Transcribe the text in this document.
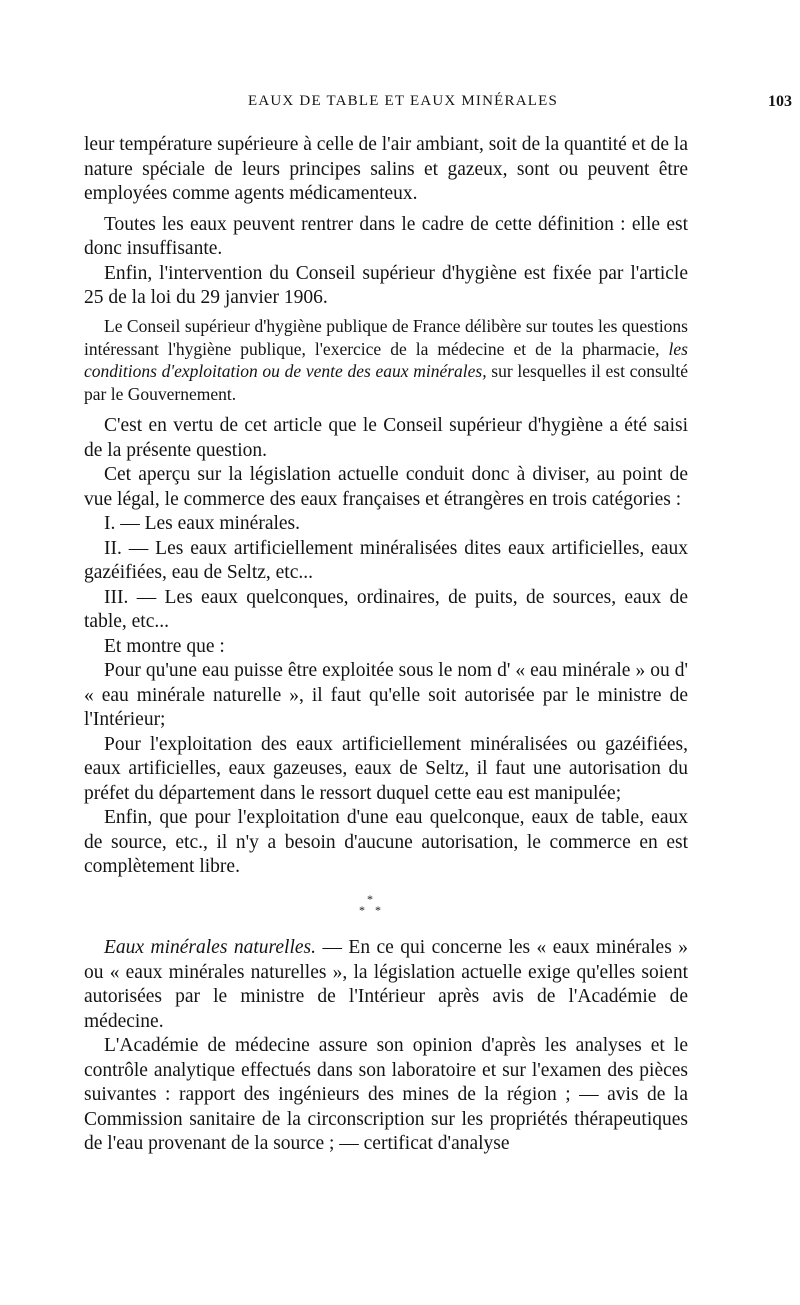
EAUX DE TABLE ET EAUX MINÉRALES	103

leur température supérieure à celle de l'air ambiant, soit de la quantité et de la nature spéciale de leurs principes salins et gazeux, sont ou peuvent être employées comme agents médicamenteux.

Toutes les eaux peuvent rentrer dans le cadre de cette définition : elle est donc insuffisante.

Enfin, l'intervention du Conseil supérieur d'hygiène est fixée par l'article 25 de la loi du 29 janvier 1906.

Le Conseil supérieur d'hygiène publique de France délibère sur toutes les questions intéressant l'hygiène publique, l'exercice de la médecine et de la pharmacie, les conditions d'exploitation ou de vente des eaux minérales, sur lesquelles il est consulté par le Gouvernement.

C'est en vertu de cet article que le Conseil supérieur d'hygiène a été saisi de la présente question.

Cet aperçu sur la législation actuelle conduit donc à diviser, au point de vue légal, le commerce des eaux françaises et étrangères en trois catégories :

I. — Les eaux minérales.

II. — Les eaux artificiellement minéralisées dites eaux artificielles, eaux gazéifiées, eau de Seltz, etc...

III. — Les eaux quelconques, ordinaires, de puits, de sources, eaux de table, etc...

Et montre que :

Pour qu'une eau puisse être exploitée sous le nom d' « eau minérale » ou d' « eau minérale naturelle », il faut qu'elle soit autorisée par le ministre de l'Intérieur;

Pour l'exploitation des eaux artificiellement minéralisées ou gazéifiées, eaux artificielles, eaux gazeuses, eaux de Seltz, il faut une autorisation du préfet du département dans le ressort duquel cette eau est manipulée;

Enfin, que pour l'exploitation d'une eau quelconque, eaux de table, eaux de source, etc., il n'y a besoin d'aucune autorisation, le commerce en est complètement libre.

*
* *

Eaux minérales naturelles. — En ce qui concerne les « eaux minérales » ou « eaux minérales naturelles », la législation actuelle exige qu'elles soient autorisées par le ministre de l'Intérieur après avis de l'Académie de médecine.

L'Académie de médecine assure son opinion d'après les analyses et le contrôle analytique effectués dans son laboratoire et sur l'examen des pièces suivantes : rapport des ingénieurs des mines de la région ; — avis de la Commission sanitaire de la circonscription sur les propriétés thérapeutiques de l'eau provenant de la source ; — certificat d'analyse
